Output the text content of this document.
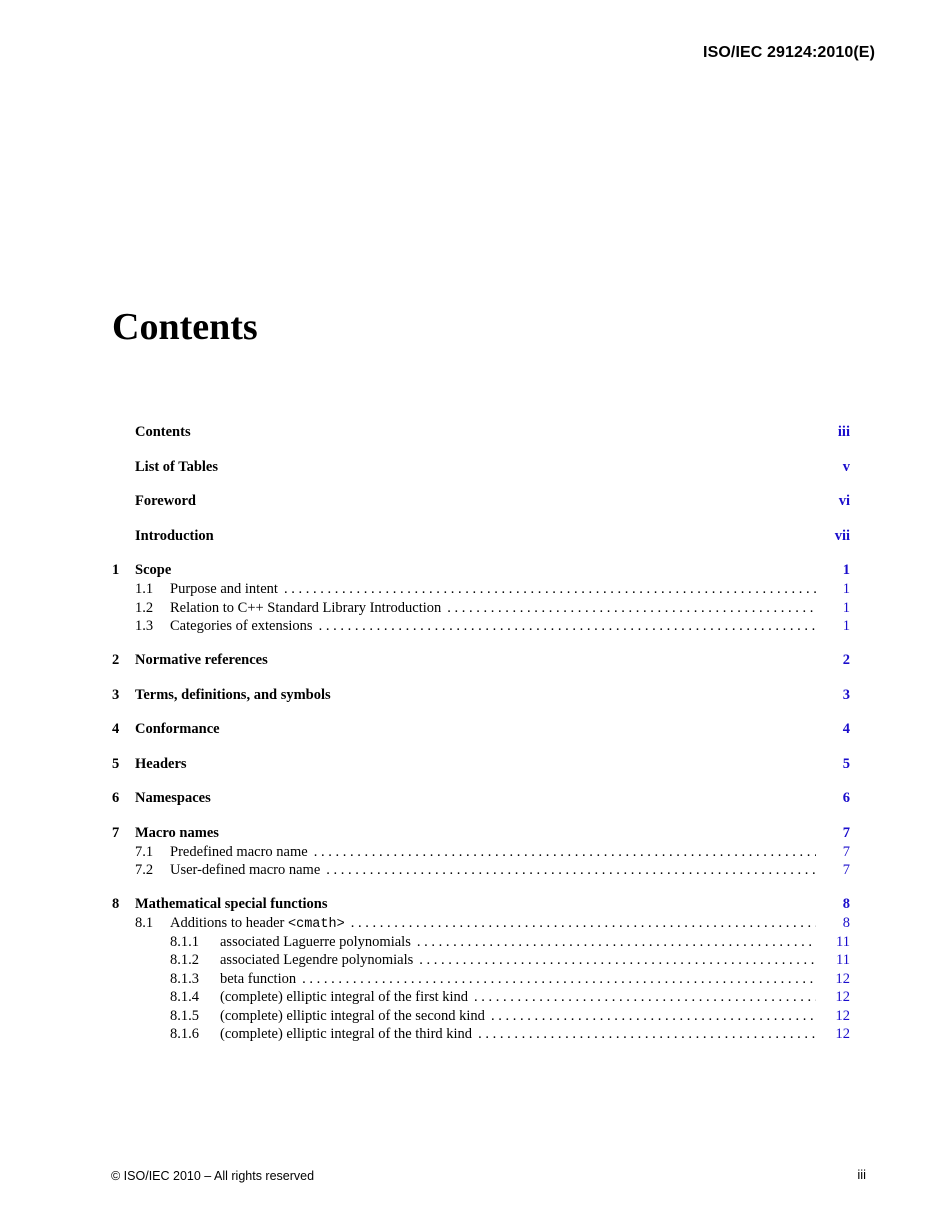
ISO/IEC 29124:2010(E)
Contents
Contents	iii
List of Tables	v
Foreword	vi
Introduction	vii
1	Scope	1
1.1	Purpose and intent . . .	1
1.2	Relation to C++ Standard Library Introduction . . .	1
1.3	Categories of extensions . . .	1
2	Normative references	2
3	Terms, definitions, and symbols	3
4	Conformance	4
5	Headers	5
6	Namespaces	6
7	Macro names	7
7.1	Predefined macro name . . .	7
7.2	User-defined macro name . . .	7
8	Mathematical special functions	8
8.1	Additions to header <cmath> . . .	8
8.1.1	associated Laguerre polynomials . . .	11
8.1.2	associated Legendre polynomials . . .	11
8.1.3	beta function . . .	12
8.1.4	(complete) elliptic integral of the first kind . . .	12
8.1.5	(complete) elliptic integral of the second kind . . .	12
8.1.6	(complete) elliptic integral of the third kind . . .	12
© ISO/IEC 2010 – All rights reserved	iii
